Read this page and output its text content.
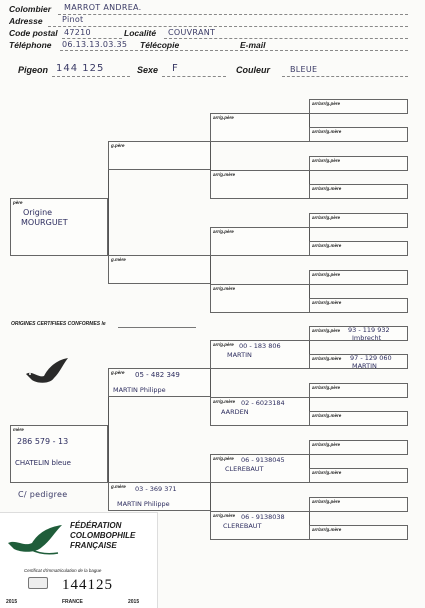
Colombier MARROT ANDREA.
Adresse Pinot
Code postal 47210	Localité COUVRANT
Téléphone 06.13.13.03.35 Télécopie	E-mail
Pigeon 144 125	Sexe F	Couleur BLEUE
père
Origine
MOURGUET
g.père
g.mère
arr/g.père
arr/g.mère
arr/g.père
arr/g.mère
arr/arr/g.père
arr/arr/g.mère
arr/arr/g.père
arr/arr/g.mère
arr/arr/g.père
arr/arr/g.mère
arr/arr/g.père
arr/arr/g.mère
ORIGINES CERTIFIEES CONFORMES le
mère
286 579 - 13
CHATELIN bleue
g.père 05 - 482 349
MARTIN Philippe
g.mère 03 - 369 371
MARTIN Philippe
arr/g.père 00 - 183 806
MARTIN
arr/g.mère 02 - 6023184
AARDEN
arr/g.père 06 - 9138045
CLEREBAUT
arr/g.mère 06 - 9138038
CLEREBAUT
arr/arr/g.père 93 - 119 932
Imbrecht
arr/arr/g.mère 97 - 129 060
MARTIN
arr/arr/g.père
arr/arr/g.mère
arr/arr/g.père
arr/arr/g.mère
arr/arr/g.père
arr/arr/g.mère
C/ pedigree
FÉDÉRATION
COLOMBOPHILE
FRANÇAISE
Certificat d'immatriculation de la bague
144125
2015	FRANCE	2015
